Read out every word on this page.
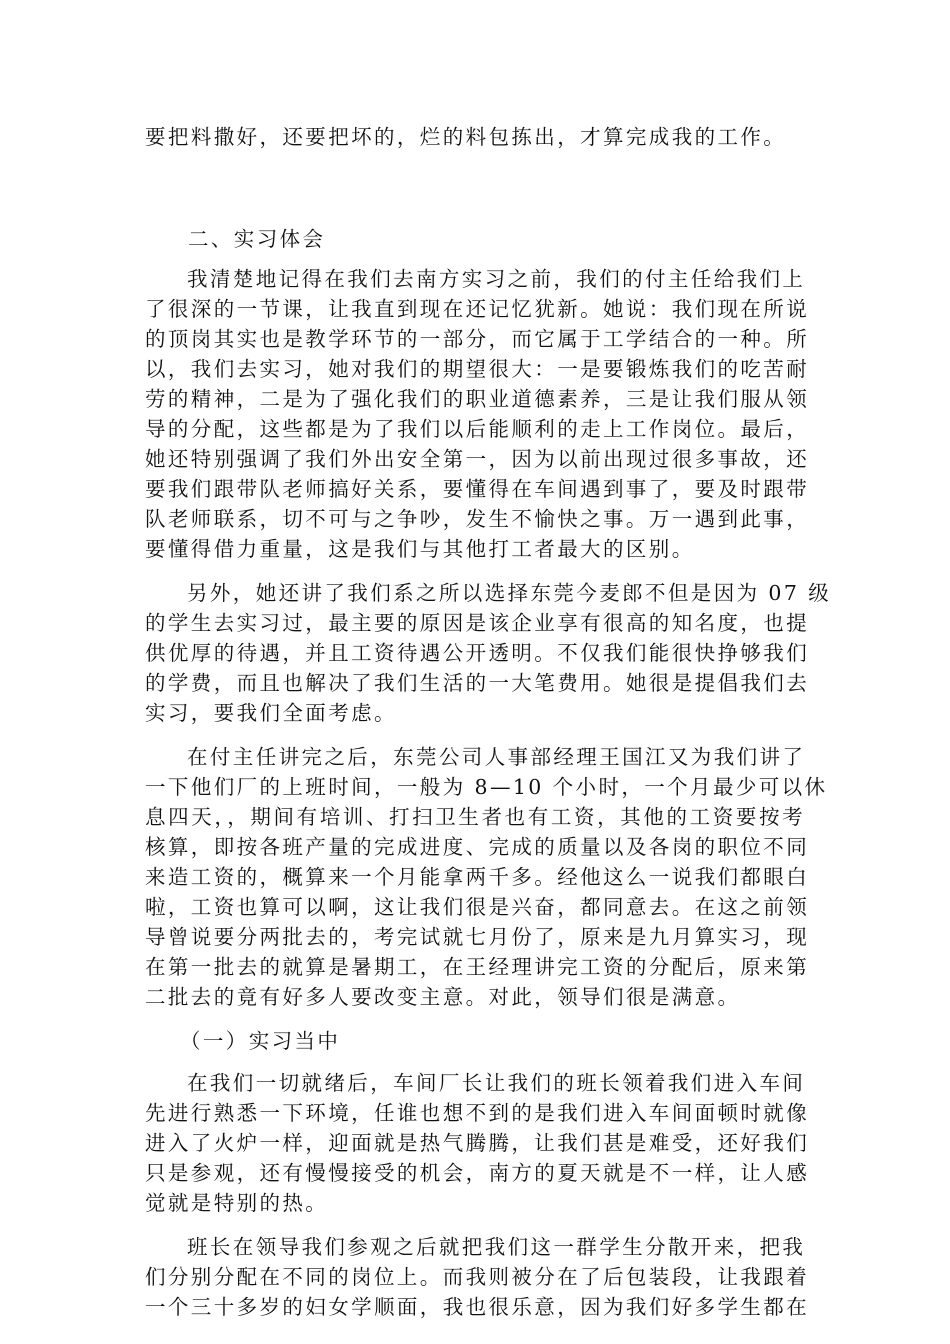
要把料撒好，还要把坏的，烂的料包拣出，才算完成我的工作。
二、实习体会
我清楚地记得在我们去南方实习之前，我们的付主任给我们上
了很深的一节课，让我直到现在还记忆犹新。她说：我们现在所说
的顶岗其实也是教学环节的一部分，而它属于工学结合的一种。所
以，我们去实习，她对我们的期望很大：一是要锻炼我们的吃苦耐
劳的精神，二是为了强化我们的职业道德素养，三是让我们服从领
导的分配，这些都是为了我们以后能顺利的走上工作岗位。最后，
她还特别强调了我们外出安全第一，因为以前出现过很多事故，还
要我们跟带队老师搞好关系，要懂得在车间遇到事了，要及时跟带
队老师联系，切不可与之争吵，发生不愉快之事。万一遇到此事，
要懂得借力重量，这是我们与其他打工者最大的区别。
另外，她还讲了我们系之所以选择东莞今麦郎不但是因为 07 级
的学生去实习过，最主要的原因是该企业享有很高的知名度，也提
供优厚的待遇，并且工资待遇公开透明。不仅我们能很快挣够我们
的学费，而且也解决了我们生活的一大笔费用。她很是提倡我们去
实习，要我们全面考虑。
在付主任讲完之后，东莞公司人事部经理王国江又为我们讲了
一下他们厂的上班时间，一般为 8—10 个小时，一个月最少可以休
息四天，，期间有培训、打扫卫生者也有工资，其他的工资要按考
核算，即按各班产量的完成进度、完成的质量以及各岗的职位不同
来造工资的，概算来一个月能拿两千多。经他这么一说我们都眼白
啦，工资也算可以啊，这让我们很是兴奋，都同意去。在这之前领
导曾说要分两批去的，考完试就七月份了，原来是九月算实习，现
在第一批去的就算是暑期工，在王经理讲完工资的分配后，原来第
二批去的竟有好多人要改变主意。对此，领导们很是满意。
（一）实习当中
在我们一切就绪后，车间厂长让我们的班长领着我们进入车间
先进行熟悉一下环境，任谁也想不到的是我们进入车间面顿时就像
进入了火炉一样，迎面就是热气腾腾，让我们甚是难受，还好我们
只是参观，还有慢慢接受的机会，南方的夏天就是不一样，让人感
觉就是特别的热。
班长在领导我们参观之后就把我们这一群学生分散开来，把我
们分别分配在不同的岗位上。而我则被分在了后包装段，让我跟着
一个三十多岁的妇女学顺面，我也很乐意，因为我们好多学生都在
